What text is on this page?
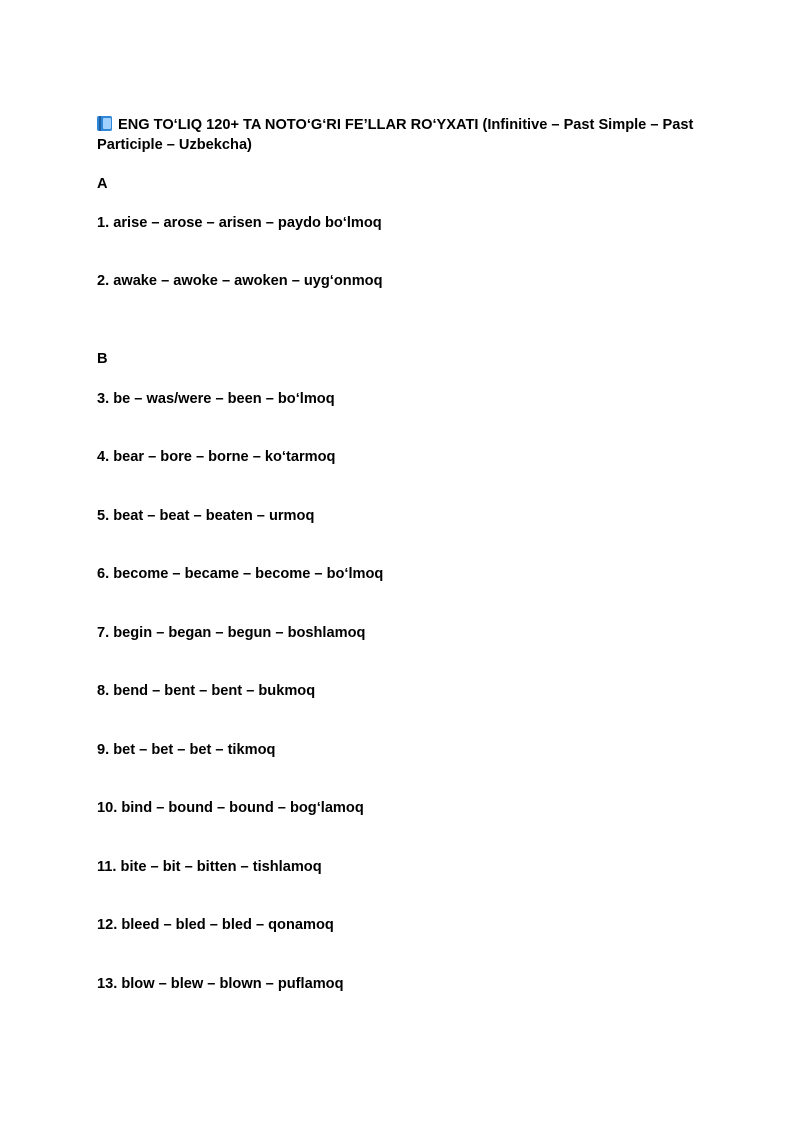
ENG TO‘LIQ 120+ TA NOTO‘G‘RI FE’LLAR RO‘YXATI (Infinitive – Past Simple – Past Participle – Uzbekcha)
A
1. arise – arose – arisen – paydo bo‘lmoq
2. awake – awoke – awoken – uyg‘onmoq
B
3. be – was/were – been – bo‘lmoq
4. bear – bore – borne – ko‘tarmoq
5. beat – beat – beaten – urmoq
6. become – became – become – bo‘lmoq
7. begin – began – begun – boshlamoq
8. bend – bent – bent – bukmoq
9. bet – bet – bet – tikmoq
10. bind – bound – bound – bog‘lamoq
11. bite – bit – bitten – tishlamoq
12. bleed – bled – bled – qonamoq
13. blow – blew – blown – puflamoq
